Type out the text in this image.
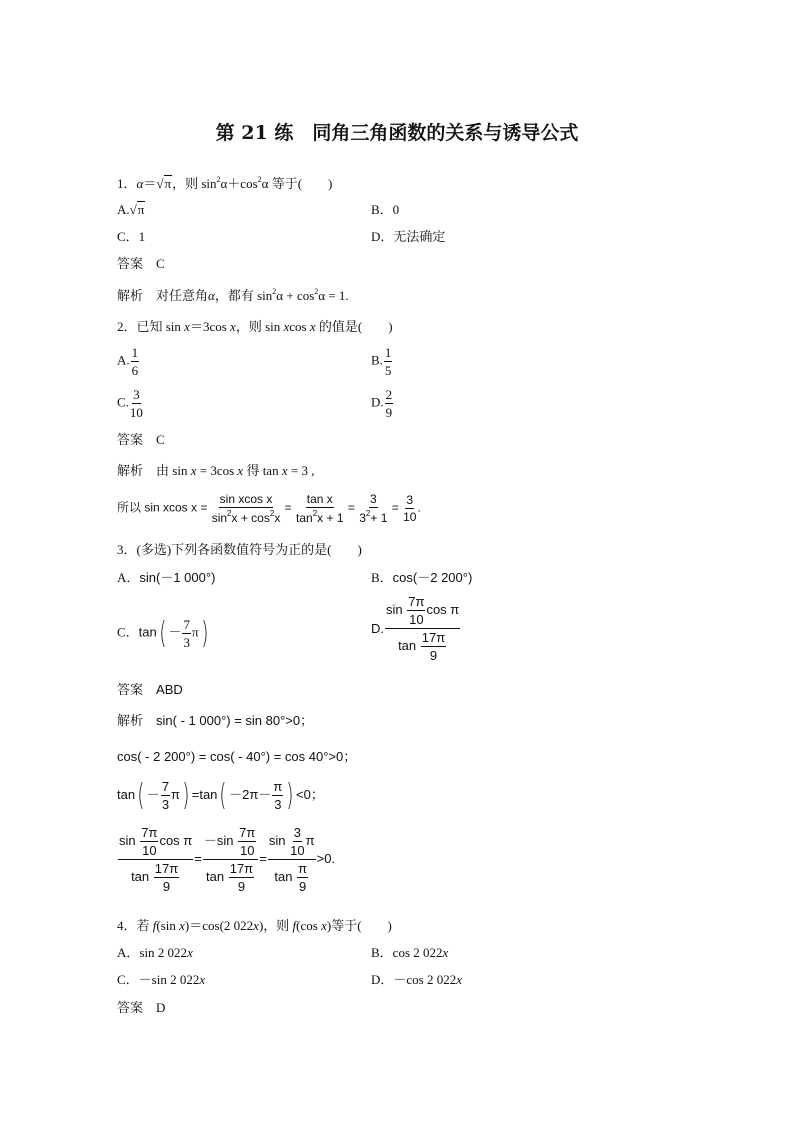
第 21 练　同角三角函数的关系与诱导公式
1．α＝√π，则 $\sin^2\alpha+\cos^2\alpha$ 等于(　　)
A.√π	B．0
C．1	D．无法确定
答案　 C
解析　 对任意角α，都有 $\sin^2\alpha + \cos^2\alpha = 1$.
2．已知 sin x＝3cos x，则 sin xcos x 的值是(　　)
A. $\frac{1}{6}$	B. $\frac{1}{5}$
C. $\frac{3}{10}$	D. $\frac{2}{9}$
答案　 C
解析　 由 sin x = 3cos x 得 tan x = 3 ,
所以 sin xcos $x = \frac{\text{sin xcos x}}{\sin^2x + \cos^2x} = \frac{\text{tan x}}{\tan^2x + 1} = \frac{3}{3^2+ 1} = \frac{3}{10}$ .
3．(多选)下列各函数值符号为正的是(　　)
A．sin(－1 000°)	B．cos(－2 200°)
C．$\tan( - \frac{7}{3} \pi)$	D. $\frac{\sin \frac{7\pi}{10} \cos \pi}{\tan \frac{17\pi}{9}}$
答案　 ABD
解析　 sin( - 1 000°) = sin 80°>0；
cos( - 2 200°) = cos( - 40°) = cos 40°>0；
$\tan( - \frac{7}{3} \pi) =\tan( -2\pi- \frac{\pi}{3}$ ) <0；
$\frac{\sin \frac{7\pi}{10} \cos \pi}{\tan \frac{17\pi}{9}} = \frac{-\sin \frac{7\pi}{10}}{\tan \frac{17\pi}{9}} = \frac{\sin \frac{3}{10} \pi}{\tan \frac{\pi}{9}} >0$.
4．若 f(sin x)＝cos(2 022x)，则 f(cos x)等于(　　)
A．sin 2 022x	B．cos 2 022x
C．－sin 2 022x	D．－cos 2 022x
答案　 D
